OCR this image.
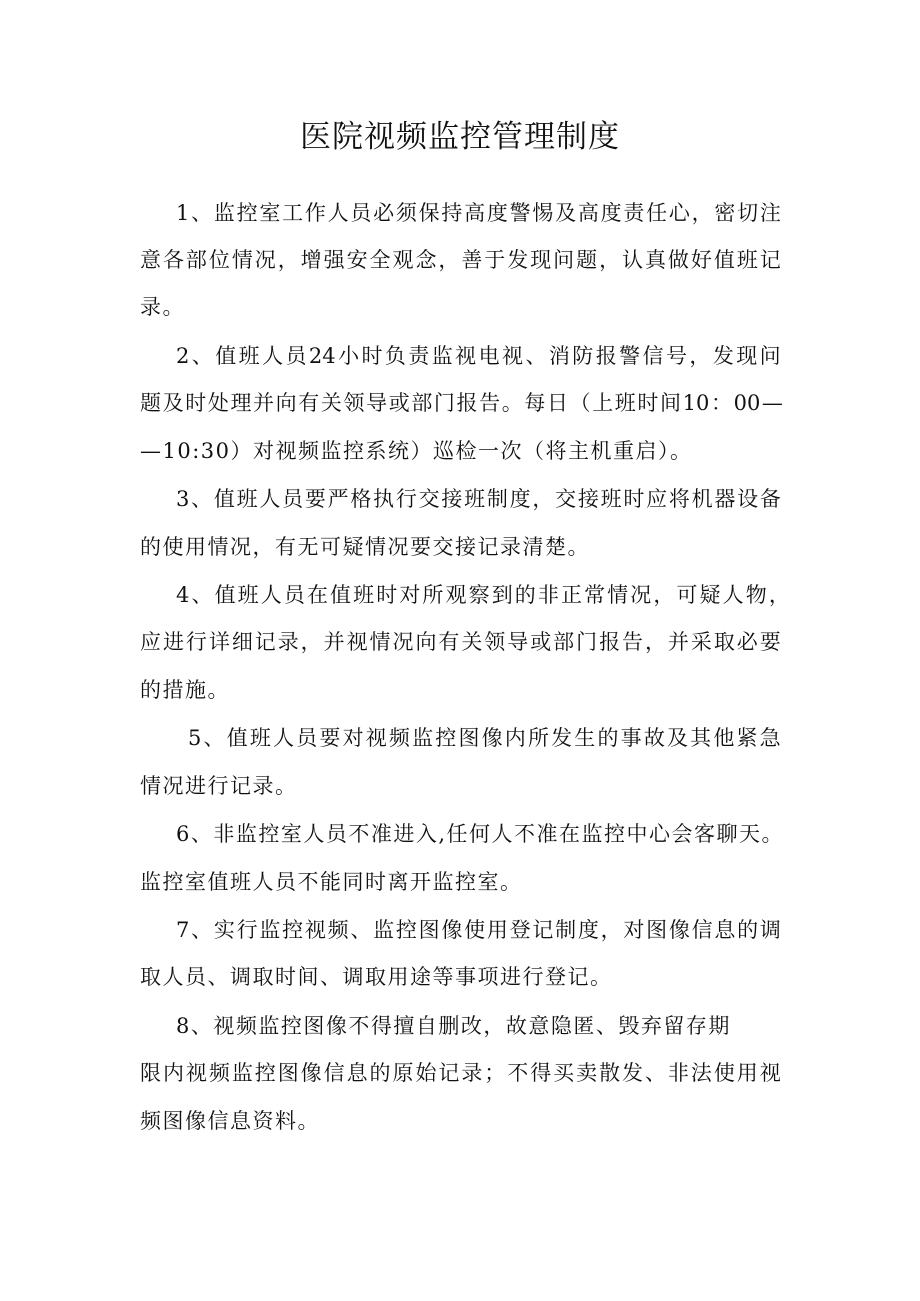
医院视频监控管理制度

1 、 监 控 室 工 作 人 员 必 须 保 持 高 度 警 惕 及 高 度 责 任 心 ， 密 切 注

意 各 部 位 情 况 ， 增 强 安 全 观 念 ， 善 于 发 现 问 题 ， 认 真 做 好 值 班 记

录。

2 、 值 班 人 员 24 小 时 负 责 监 视 电 视 、 消 防 报 警 信 号 ， 发 现 问

题 及 时 处 理 并 向 有 关 领 导 或 部 门 报 告 。 每 日 （ 上 班 时 间 10 ： 00 —

—10:30）对视频监控系统）巡检一次（将主机重启）。

3 、 值 班 人 员 要 严 格 执 行 交 接 班 制 度 ， 交 接 班 时 应 将 机 器 设 备

的使用情况，有无可疑情况要交接记录清楚。

4 、 值 班 人 员 在 值 班 时 对 所 观 察 到 的 非 正 常 情 况 ， 可 疑 人 物 ，

应 进 行 详 细 记 录 ， 并 视 情 况 向 有 关 领 导 或 部 门 报 告 ， 并 采 取 必 要

的措施。

5 、 值 班 人 员 要 对 视 频 监 控 图 像 内 所 发 生 的 事 故 及 其 他 紧 急

情况进行记录。

6、非监控室人员不准进入,任何人不准在监控中心会客聊天。

监控室值班人员不能同时离开监控室。

7 、 实 行 监 控 视 频 、 监 控 图 像 使 用 登 记 制 度 ， 对 图 像 信 息 的 调

取人员、调取时间、调取用途等事项进行登记。

8、视频监控图像不得擅自删改，故意隐匿、毁弃留存期

限 内 视 频 监 控 图 像 信 息 的 原 始 记 录 ； 不 得 买 卖 散 发 、 非 法 使 用 视

频图像信息资料。
